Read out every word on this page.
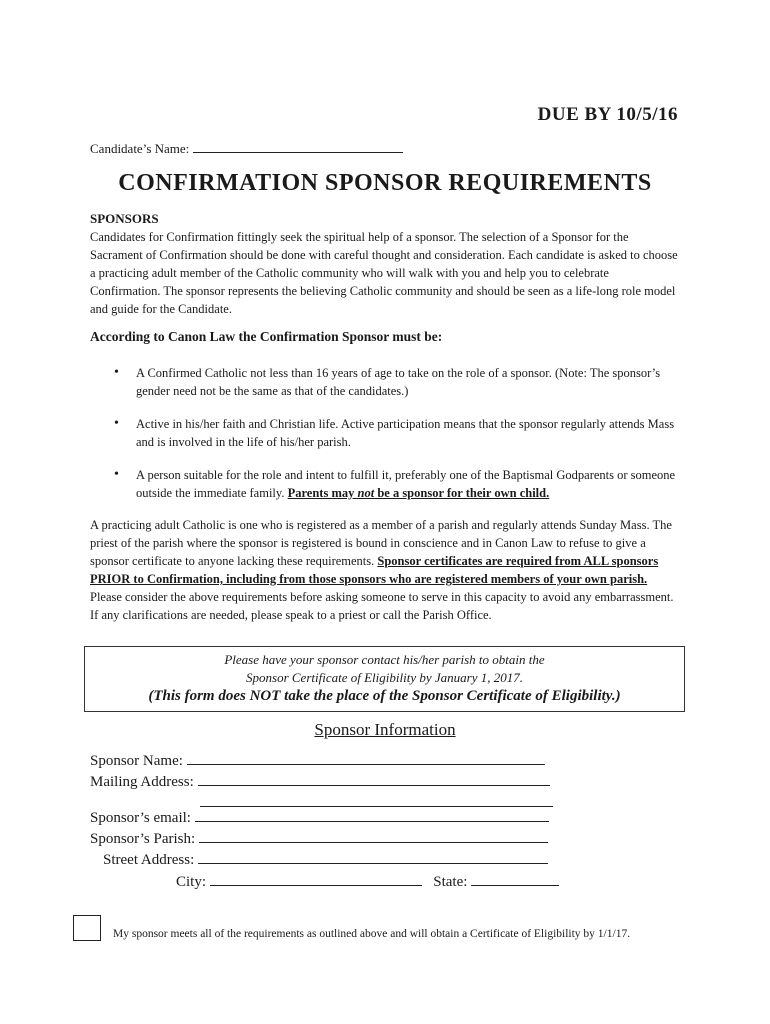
DUE BY 10/5/16
Candidate’s Name:
CONFIRMATION SPONSOR REQUIREMENTS
SPONSORS
Candidates for Confirmation fittingly seek the spiritual help of a sponsor. The selection of a Sponsor for the Sacrament of Confirmation should be done with careful thought and consideration. Each candidate is asked to choose a practicing adult member of the Catholic community who will walk with you and help you to celebrate Confirmation. The sponsor represents the believing Catholic community and should be seen as a life-long role model and guide for the Candidate.
According to Canon Law the Confirmation Sponsor must be:
• A Confirmed Catholic not less than 16 years of age to take on the role of a sponsor. (Note: The sponsor’s gender need not be the same as that of the candidates.)
• Active in his/her faith and Christian life. Active participation means that the sponsor regularly attends Mass and is involved in the life of his/her parish.
• A person suitable for the role and intent to fulfill it, preferably one of the Baptismal Godparents or someone outside the immediate family. Parents may not be a sponsor for their own child.
A practicing adult Catholic is one who is registered as a member of a parish and regularly attends Sunday Mass. The priest of the parish where the sponsor is registered is bound in conscience and in Canon Law to refuse to give a sponsor certificate to anyone lacking these requirements. Sponsor certificates are required from ALL sponsors PRIOR to Confirmation, including from those sponsors who are registered members of your own parish. Please consider the above requirements before asking someone to serve in this capacity to avoid any embarrassment. If any clarifications are needed, please speak to a priest or call the Parish Office.
Please have your sponsor contact his/her parish to obtain the
Sponsor Certificate of Eligibility by January 1, 2017.
(This form does NOT take the place of the Sponsor Certificate of Eligibility.)
Sponsor Information
Sponsor Name:
Mailing Address:
Sponsor’s email:
Sponsor’s Parish:
Street Address:
City:	State:
My sponsor meets all of the requirements as outlined above and will obtain a Certificate of Eligibility by 1/1/17.
